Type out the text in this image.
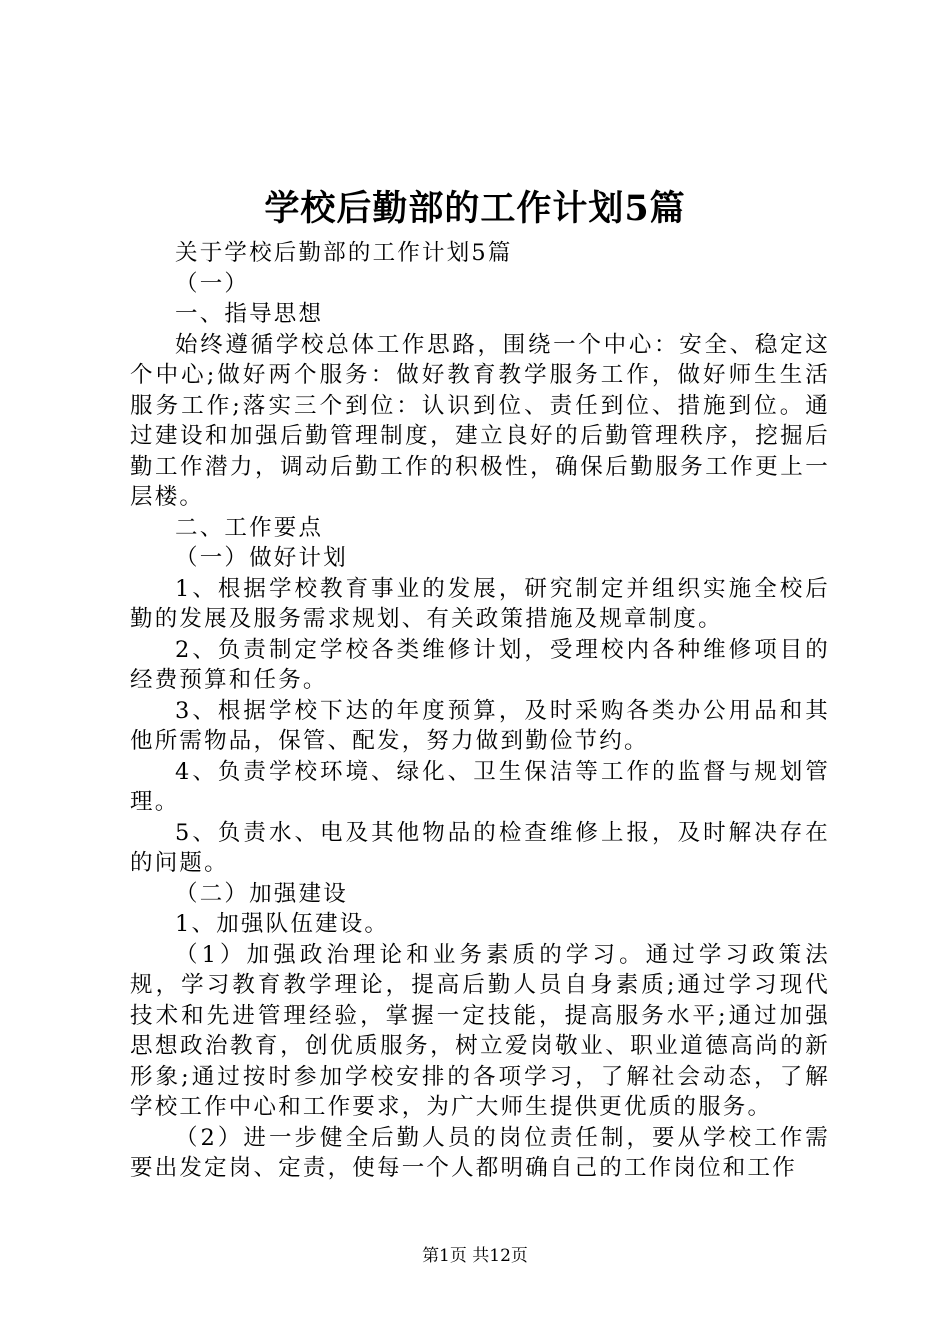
学校后勤部的工作计划5篇

关于学校后勤部的工作计划5篇

（一）

一、指导思想

始终遵循学校总体工作思路，围绕一个中心：安全、稳定这个中心;做好两个服务：做好教育教学服务工作，做好师生生活服务工作;落实三个到位：认识到位、责任到位、措施到位。通过建设和加强后勤管理制度，建立良好的后勤管理秩序，挖掘后勤工作潜力，调动后勤工作的积极性，确保后勤服务工作更上一层楼。

二、工作要点

（一）做好计划

1、根据学校教育事业的发展，研究制定并组织实施全校后勤的发展及服务需求规划、有关政策措施及规章制度。

2、负责制定学校各类维修计划，受理校内各种维修项目的经费预算和任务。

3、根据学校下达的年度预算，及时采购各类办公用品和其他所需物品，保管、配发，努力做到勤俭节约。

4、负责学校环境、绿化、卫生保洁等工作的监督与规划管理。

5、负责水、电及其他物品的检查维修上报，及时解决存在的问题。

（二）加强建设

1、加强队伍建设。

（1）加强政治理论和业务素质的学习。通过学习政策法规，学习教育教学理论，提高后勤人员自身素质;通过学习现代技术和先进管理经验，掌握一定技能，提高服务水平;通过加强思想政治教育，创优质服务，树立爱岗敬业、职业道德高尚的新形象;通过按时参加学校安排的各项学习，了解社会动态，了解学校工作中心和工作要求，为广大师生提供更优质的服务。

（2）进一步健全后勤人员的岗位责任制，要从学校工作需要出发定岗、定责，使每一个人都明确自己的工作岗位和工作

第1页 共12页
